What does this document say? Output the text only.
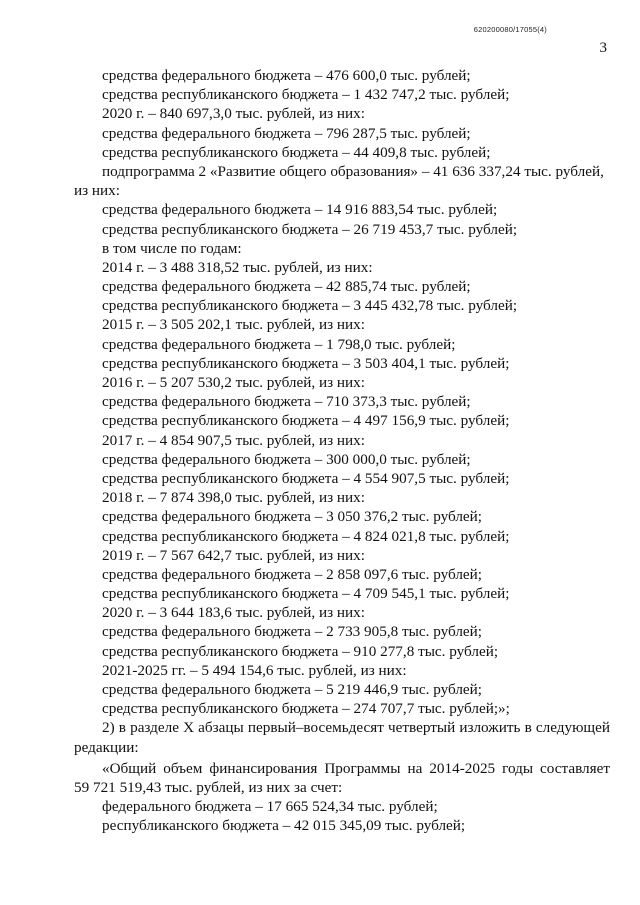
620200080/17055(4)
3
средства федерального бюджета – 476 600,0 тыс. рублей;
средства республиканского бюджета – 1 432 747,2 тыс. рублей;
2020 г. – 840 697,3,0 тыс. рублей, из них:
средства федерального бюджета – 796 287,5 тыс. рублей;
средства республиканского бюджета – 44 409,8 тыс. рублей;
подпрограмма 2 «Развитие общего образования» – 41 636 337,24 тыс. рублей,
из них:
средства федерального бюджета – 14 916 883,54 тыс. рублей;
средства республиканского бюджета – 26 719 453,7 тыс. рублей;
в том числе по годам:
2014 г. – 3 488 318,52 тыс. рублей, из них:
средства федерального бюджета – 42 885,74 тыс. рублей;
средства республиканского бюджета – 3 445 432,78 тыс. рублей;
2015 г. – 3 505 202,1 тыс. рублей, из них:
средства федерального бюджета – 1 798,0 тыс. рублей;
средства республиканского бюджета – 3 503 404,1 тыс. рублей;
2016 г. – 5 207 530,2 тыс. рублей, из них:
средства федерального бюджета – 710 373,3 тыс. рублей;
средства республиканского бюджета – 4 497 156,9 тыс. рублей;
2017 г. – 4 854 907,5 тыс. рублей, из них:
средства федерального бюджета – 300 000,0 тыс. рублей;
средства республиканского бюджета – 4 554 907,5 тыс. рублей;
2018 г. – 7 874 398,0 тыс. рублей, из них:
средства федерального бюджета – 3 050 376,2 тыс. рублей;
средства республиканского бюджета – 4 824 021,8 тыс. рублей;
2019 г. – 7 567 642,7 тыс. рублей, из них:
средства федерального бюджета – 2 858 097,6 тыс. рублей;
средства республиканского бюджета – 4 709 545,1 тыс. рублей;
2020 г. – 3 644 183,6 тыс. рублей, из них:
средства федерального бюджета – 2 733 905,8 тыс. рублей;
средства республиканского бюджета – 910 277,8 тыс. рублей;
2021-2025 гг. – 5 494 154,6 тыс. рублей, из них:
средства федерального бюджета – 5 219 446,9 тыс. рублей;
средства республиканского бюджета – 274 707,7 тыс. рублей;»;
2) в разделе X абзацы первый–восемьдесят четвертый изложить в следующей
редакции:
«Общий объем финансирования Программы на 2014-2025 годы составляет
59 721 519,43 тыс. рублей, из них за счет:
федерального бюджета – 17 665 524,34 тыс. рублей;
республиканского бюджета – 42 015 345,09 тыс. рублей;
